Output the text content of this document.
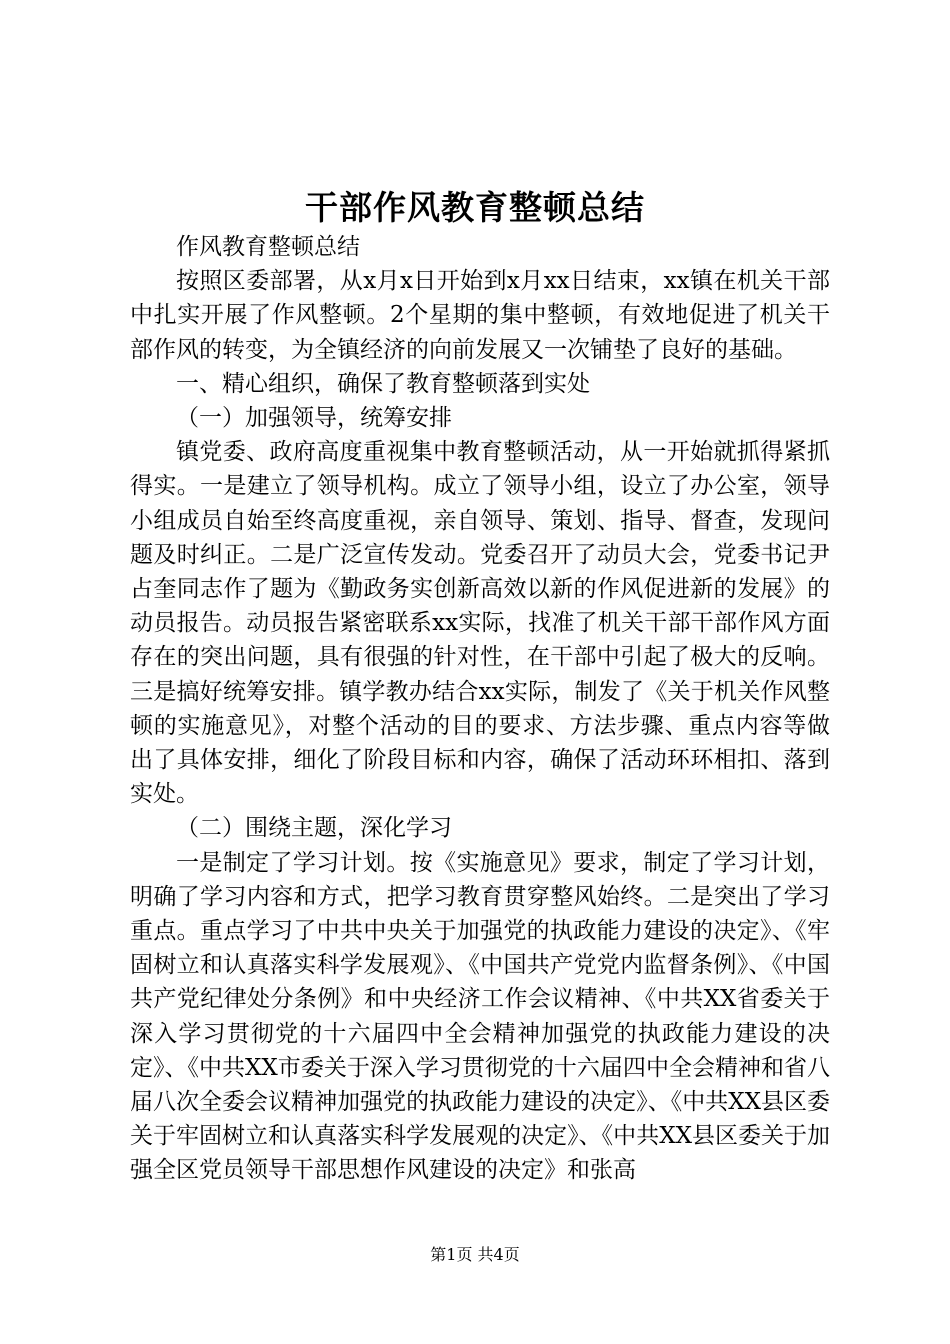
干部作风教育整顿总结

作风教育整顿总结

按照区委部署，从x月x日开始到x月xx日结束，xx镇在机关干部中扎实开展了作风整顿。2个星期的集中整顿，有效地促进了机关干部作风的转变，为全镇经济的向前发展又一次铺垫了良好的基础。

一、精心组织，确保了教育整顿落到实处

（一）加强领导，统筹安排

镇党委、政府高度重视集中教育整顿活动，从一开始就抓得紧抓得实。一是建立了领导机构。成立了领导小组，设立了办公室，领导小组成员自始至终高度重视，亲自领导、策划、指导、督查，发现问题及时纠正。二是广泛宣传发动。党委召开了动员大会，党委书记尹占奎同志作了题为《勤政务实创新高效以新的作风促进新的发展》的动员报告。动员报告紧密联系xx实际，找准了机关干部干部作风方面存在的突出问题，具有很强的针对性，在干部中引起了极大的反响。三是搞好统筹安排。镇学教办结合xx实际，制发了《关于机关作风整顿的实施意见》，对整个活动的目的要求、方法步骤、重点内容等做出了具体安排，细化了阶段目标和内容，确保了活动环环相扣、落到实处。

（二）围绕主题，深化学习

一是制定了学习计划。按《实施意见》要求，制定了学习计划，明确了学习内容和方式，把学习教育贯穿整风始终。二是突出了学习重点。重点学习了中共中央关于加强党的执政能力建设的决定》、《牢固树立和认真落实科学发展观》、《中国共产党党内监督条例》、《中国共产党纪律处分条例》和中央经济工作会议精神、《中共XX省委关于深入学习贯彻党的十六届四中全会精神加强党的执政能力建设的决定》、《中共XX市委关于深入学习贯彻党的十六届四中全会精神和省八届八次全委会议精神加强党的执政能力建设的决定》、《中共XX县区委关于牢固树立和认真落实科学发展观的决定》、《中共XX县区委关于加强全区党员领导干部思想作风建设的决定》和张高

第1页 共4页
